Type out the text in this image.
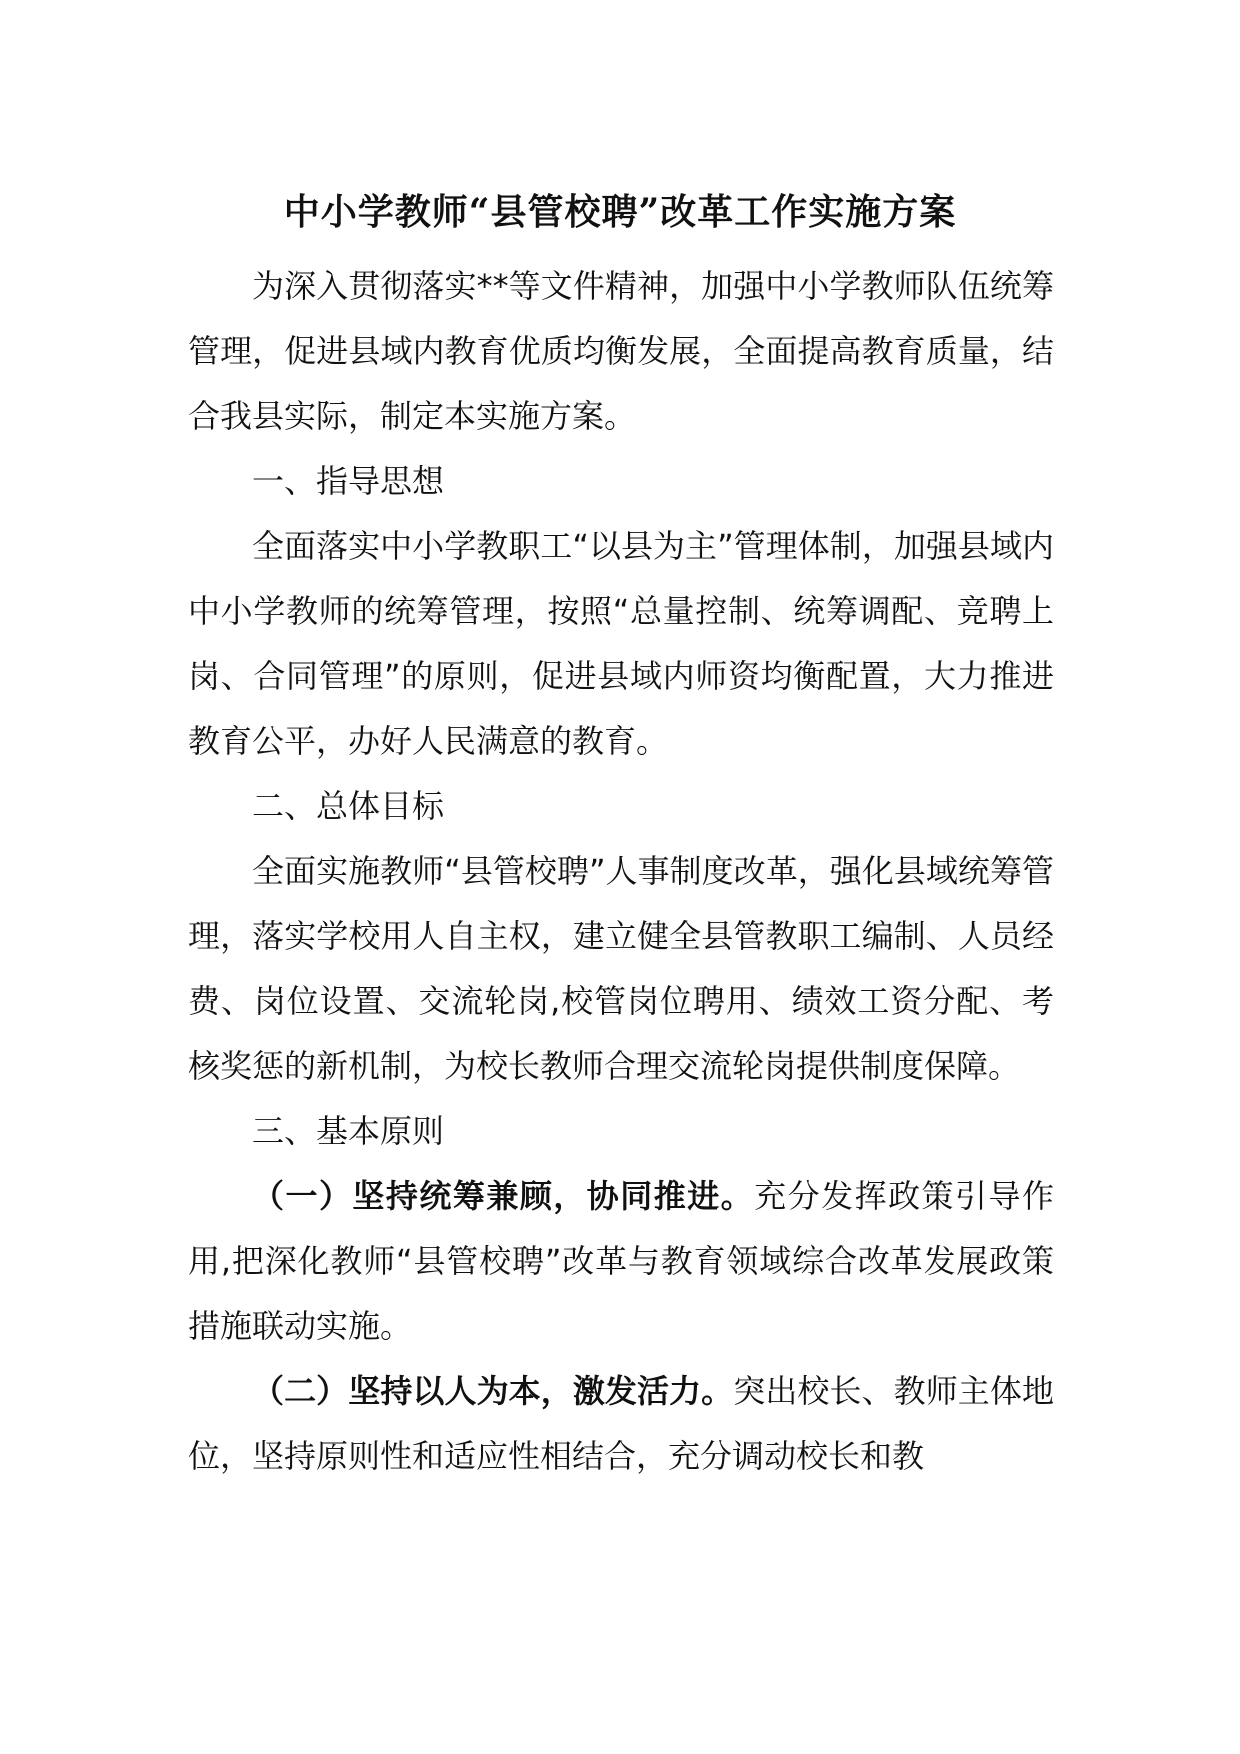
中小学教师“县管校聘”改革工作实施方案

为深入贯彻落实**等文件精神，加强中小学教师队伍统筹管理，促进县域内教育优质均衡发展，全面提高教育质量，结合我县实际，制定本实施方案。

一、指导思想

全面落实中小学教职工“以县为主”管理体制，加强县域内中小学教师的统筹管理，按照“总量控制、统筹调配、竞聘上岗、合同管理”的原则，促进县域内师资均衡配置，大力推进教育公平，办好人民满意的教育。

二、总体目标

全面实施教师“县管校聘”人事制度改革，强化县域统筹管理，落实学校用人自主权，建立健全县管教职工编制、人员经费、岗位设置、交流轮岗,校管岗位聘用、绩效工资分配、考核奖惩的新机制，为校长教师合理交流轮岗提供制度保障。

三、基本原则

（一）坚持统筹兼顾，协同推进。充分发挥政策引导作用,把深化教师“县管校聘”改革与教育领域综合改革发展政策措施联动实施。

（二）坚持以人为本，激发活力。突出校长、教师主体地位，坚持原则性和适应性相结合，充分调动校长和教
